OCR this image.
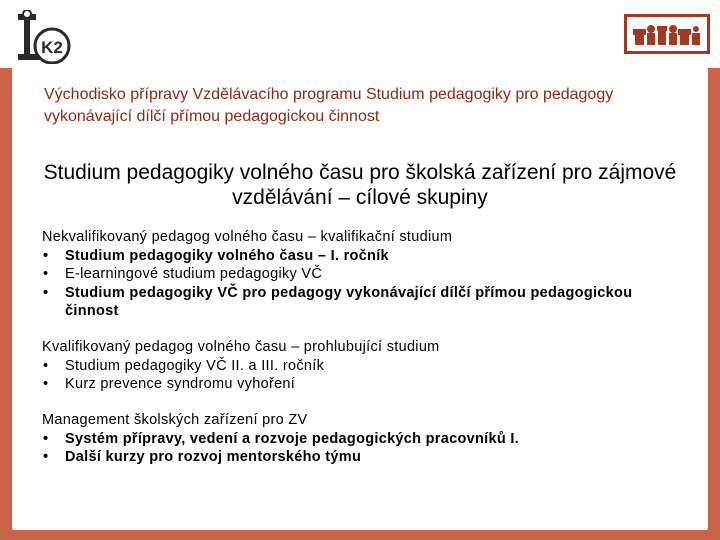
K2
Východisko přípravy Vzdělávacího programu Studium pedagogiky pro pedagogy vykonávající dílčí přímou pedagogickou činnost
Studium pedagogiky volného času pro školská zařízení pro zájmové vzdělávání – cílové skupiny
Nekvalifikovaný pedagog volného času – kvalifikační studium
•	Studium pedagogiky volného času – I. ročník
•	E-learningové studium pedagogiky VČ
•	Studium pedagogiky VČ pro pedagogy vykonávající dílčí přímou pedagogickou činnost
Kvalifikovaný pedagog volného času – prohlubující studium
•	Studium pedagogiky VČ II. a III. ročník
•	Kurz prevence syndromu vyhoření
Management školských zařízení pro ZV
•	Systém přípravy, vedení a rozvoje pedagogických pracovníků I.
•	Další kurzy pro rozvoj mentorského týmu
